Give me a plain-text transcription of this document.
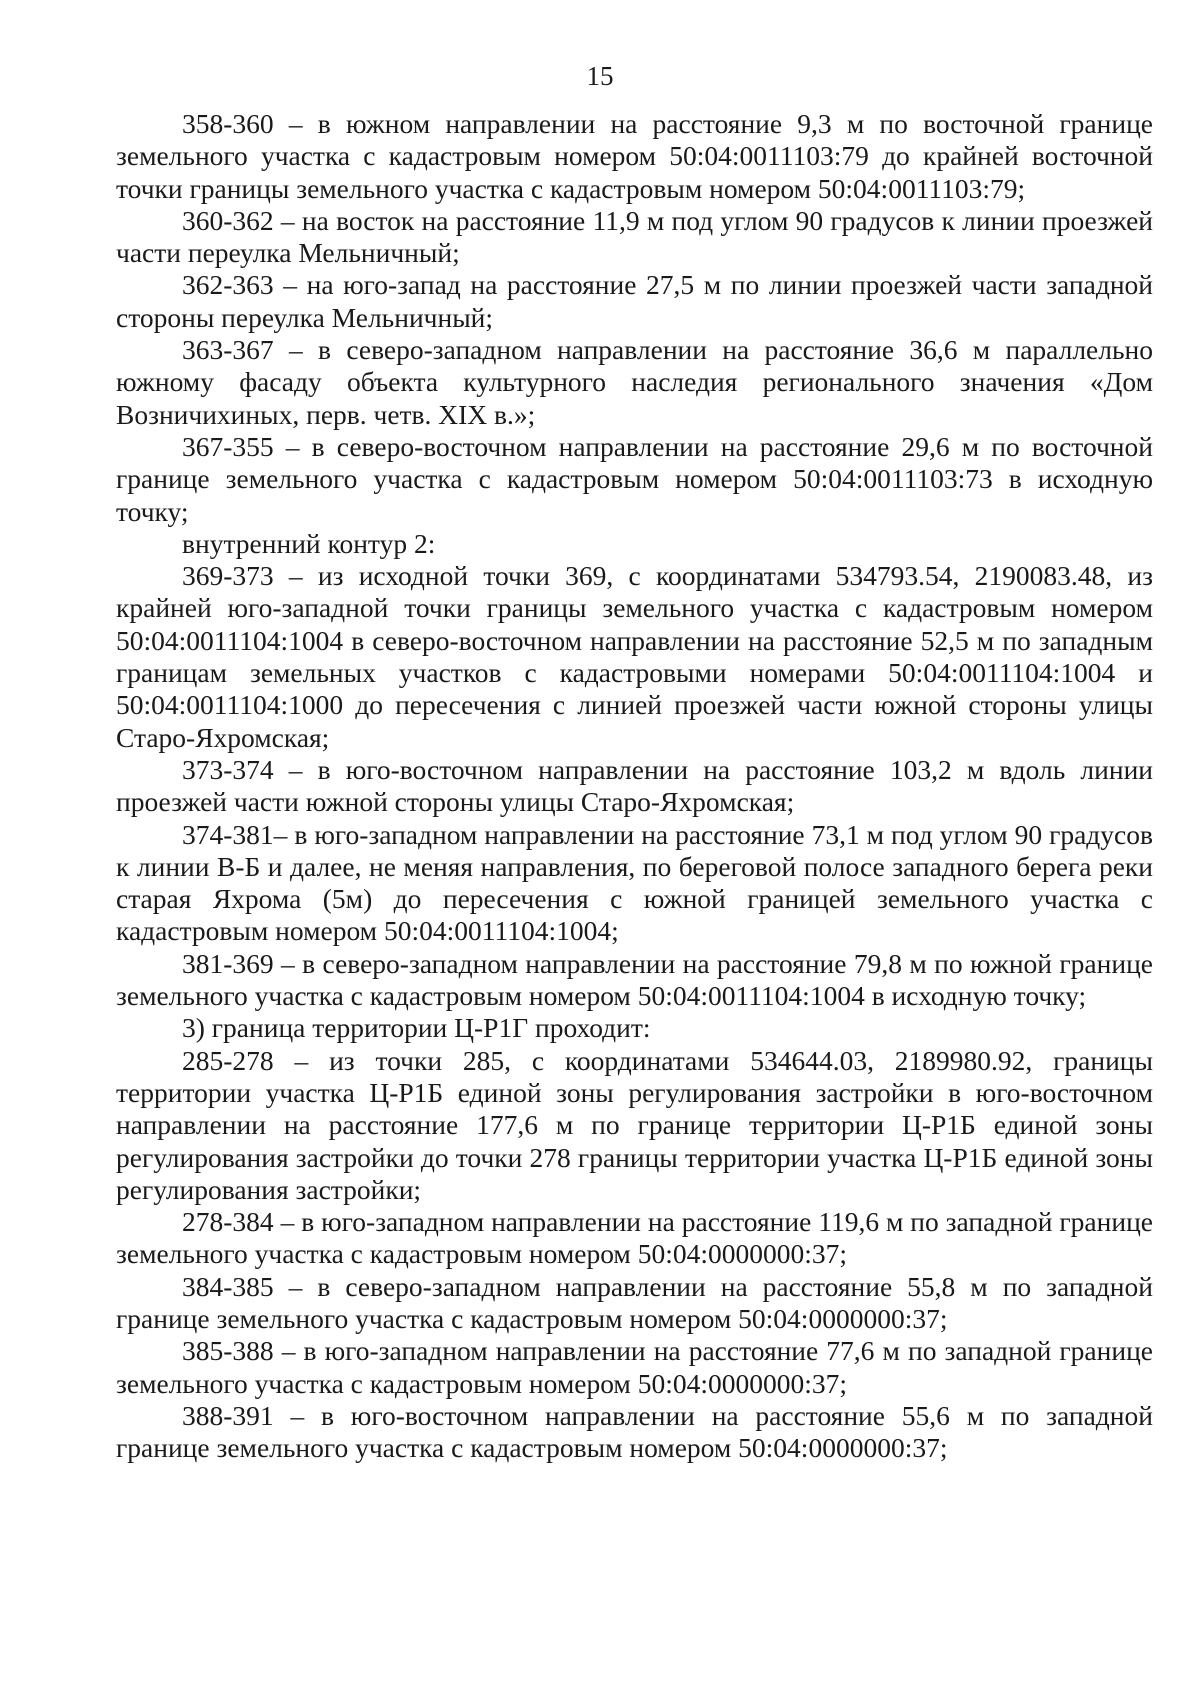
15

358-360 – в южном направлении на расстояние 9,3 м по восточной границе земельного участка с кадастровым номером 50:04:0011103:79 до крайней восточной точки границы земельного участка с кадастровым номером 50:04:0011103:79;

360-362 – на восток на расстояние 11,9 м под углом 90 градусов к линии проезжей части переулка Мельничный;

362-363 – на юго-запад на расстояние 27,5 м по линии проезжей части западной стороны переулка Мельничный;

363-367 – в северо-западном направлении на расстояние 36,6 м параллельно южному фасаду объекта культурного наследия регионального значения «Дом Возничихиных, перв. четв. XIX в.»;

367-355 – в северо-восточном направлении на расстояние 29,6 м по восточной границе земельного участка с кадастровым номером 50:04:0011103:73 в исходную точку;

внутренний контур 2:

369-373 – из исходной точки 369, с координатами 534793.54, 2190083.48, из крайней юго-западной точки границы земельного участка с кадастровым номером 50:04:0011104:1004 в северо-восточном направлении на расстояние 52,5 м по западным границам земельных участков с кадастровыми номерами 50:04:0011104:1004 и 50:04:0011104:1000 до пересечения с линией проезжей части южной стороны улицы Старо-Яхромская;

373-374 – в юго-восточном направлении на расстояние 103,2 м вдоль линии проезжей части южной стороны улицы Старо-Яхромская;

374-381– в юго-западном направлении на расстояние 73,1 м под углом 90 градусов к линии В-Б и далее, не меняя направления, по береговой полосе западного берега реки старая Яхрома (5м) до пересечения с южной границей земельного участка с кадастровым номером 50:04:0011104:1004;

381-369 – в северо-западном направлении на расстояние 79,8 м по южной границе земельного участка с кадастровым номером 50:04:0011104:1004 в исходную точку;

3) граница территории Ц-Р1Г проходит:

285-278 – из точки 285, с координатами 534644.03, 2189980.92, границы территории участка Ц-Р1Б единой зоны регулирования застройки в юго-восточном направлении на расстояние 177,6 м по границе территории Ц-Р1Б единой зоны регулирования застройки до точки 278 границы территории участка Ц-Р1Б единой зоны регулирования застройки;

278-384 – в юго-западном направлении на расстояние 119,6 м по западной границе земельного участка с кадастровым номером 50:04:0000000:37;

384-385 – в северо-западном направлении на расстояние 55,8 м по западной границе земельного участка с кадастровым номером 50:04:0000000:37;

385-388 – в юго-западном направлении на расстояние 77,6 м по западной границе земельного участка с кадастровым номером 50:04:0000000:37;

388-391 – в юго-восточном направлении на расстояние 55,6 м по западной границе земельного участка с кадастровым номером 50:04:0000000:37;
